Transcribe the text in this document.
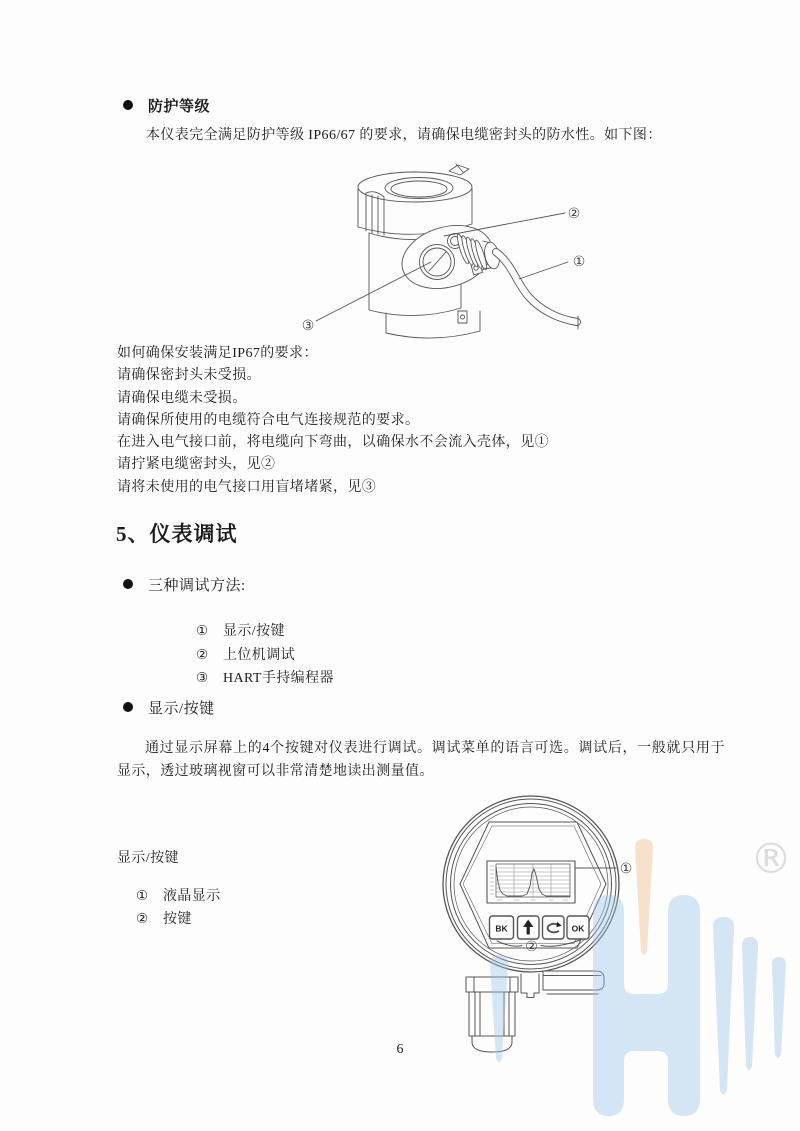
防护等级
本仪表完全满足防护等级 IP66/67 的要求，请确保电缆密封头的防水性。如下图：
②
①
③
如何确保安装满足IP67的要求：
请确保密封头未受损。
请确保电缆未受损。
请确保所使用的电缆符合电气连接规范的要求。
在进入电气接口前，将电缆向下弯曲，以确保水不会流入壳体，见①
请拧紧电缆密封头，见②
请将未使用的电气接口用盲堵堵紧，见③
5、仪表调试
三种调试方法:
①	显示/按键
②	上位机调试
③	HART手持编程器
显示/按键
通过显示屏幕上的4个按键对仪表进行调试。调试菜单的语言可选。调试后，一般就只用于显示，透过玻璃视窗可以非常清楚地读出测量值。
显示/按键
①	液晶显示
②	按键
BK	OK
①
②
®
6
